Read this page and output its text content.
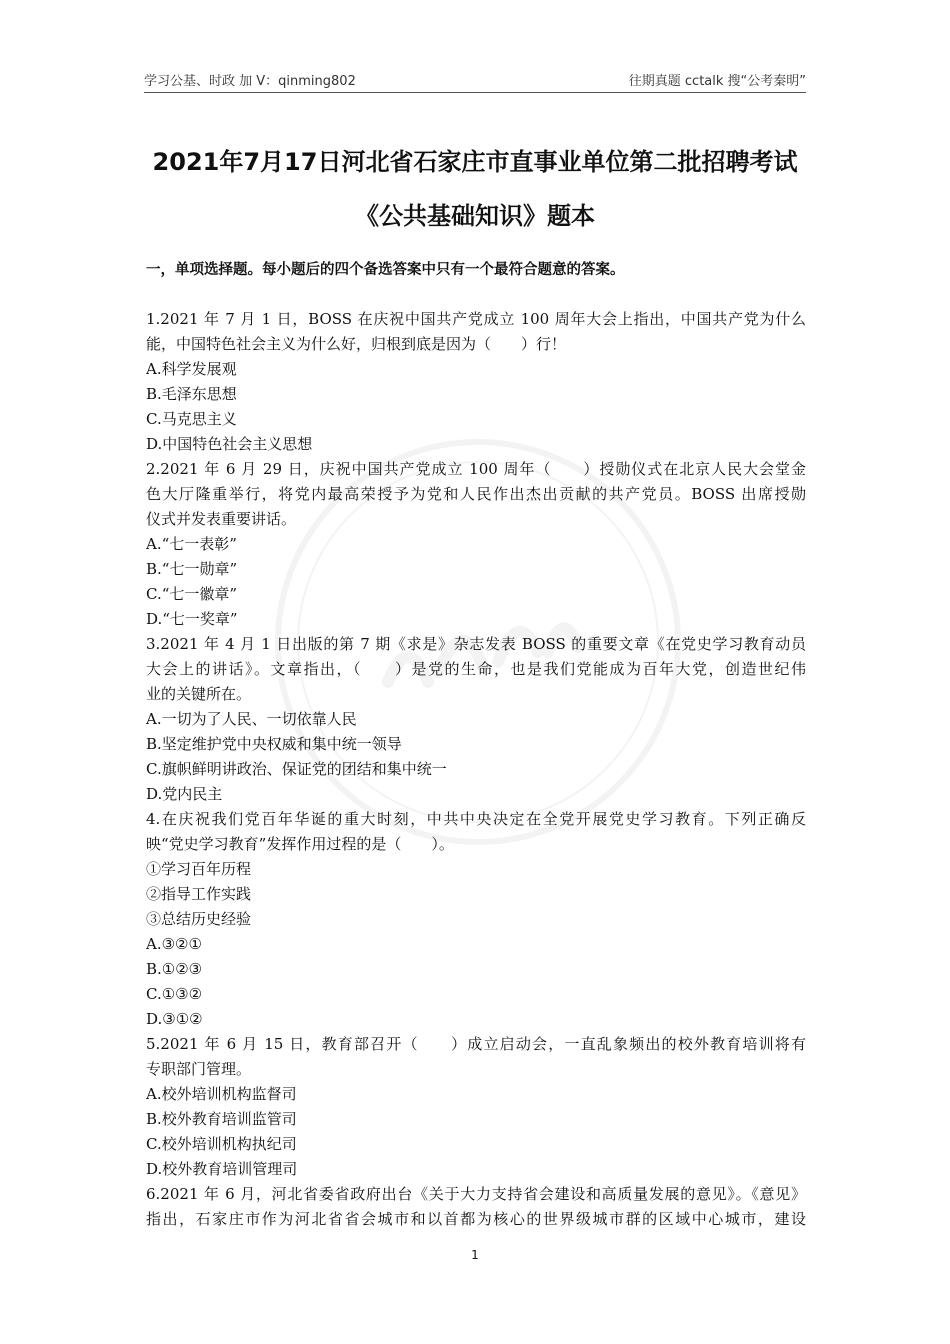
学习公基、时政 加 V：qinming802	往期真题 cctalk 搜“公考秦明”
2021年7月17日河北省石家庄市直事业单位第二批招聘考试
《公共基础知识》题本
一，单项选择题。每小题后的四个备选答案中只有一个最符合题意的答案。
1.2021 年 7 月 1 日，BOSS 在庆祝中国共产党成立 100 周年大会上指出，中国共产党为什么
能，中国特色社会主义为什么好，归根到底是因为（　　）行！
A.科学发展观
B.毛泽东思想
C.马克思主义
D.中国特色社会主义思想
2.2021 年 6 月 29 日，庆祝中国共产党成立 100 周年（　　）授勋仪式在北京人民大会堂金
色大厅隆重举行，将党内最高荣授予为党和人民作出杰出贡献的共产党员。BOSS 出席授勋
仪式并发表重要讲话。
A.“七一表彰”
B.“七一勋章”
C.“七一徽章”
D.“七一奖章”
3.2021 年 4 月 1 日出版的第 7 期《求是》杂志发表 BOSS 的重要文章《在党史学习教育动员
大会上的讲话》。文章指出，（　　）是党的生命，也是我们党能成为百年大党，创造世纪伟
业的关键所在。
A.一切为了人民、一切依靠人民
B.坚定维护党中央权威和集中统一领导
C.旗帜鲜明讲政治、保证党的团结和集中统一
D.党内民主
4.在庆祝我们党百年华诞的重大时刻，中共中央决定在全党开展党史学习教育。下列正确反
映“党史学习教育”发挥作用过程的是（　　）。
①学习百年历程
②指导工作实践
③总结历史经验
A.③②①
B.①②③
C.①③②
D.③①②
5.2021 年 6 月 15 日，教育部召开（　　）成立启动会，一直乱象频出的校外教育培训将有
专职部门管理。
A.校外培训机构监督司
B.校外教育培训监管司
C.校外培训机构执纪司
D.校外教育培训管理司
6.2021 年 6 月，河北省委省政府出台《关于大力支持省会建设和高质量发展的意见》。《意见》
指出，石家庄市作为河北省省会城市和以首都为核心的世界级城市群的区域中心城市，建设
1
